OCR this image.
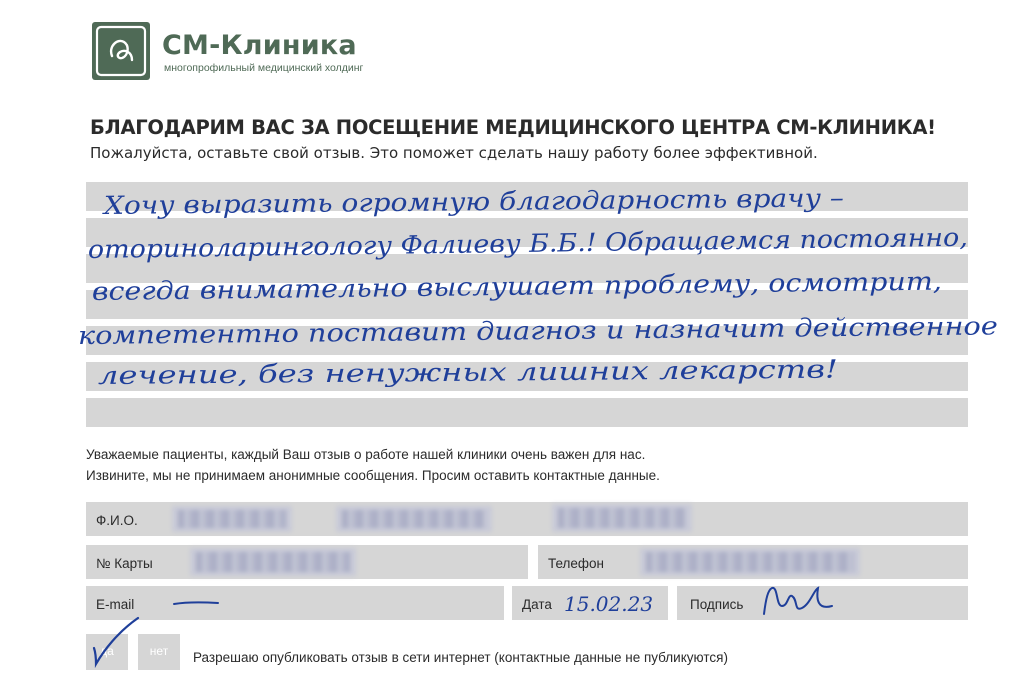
СМ-Клиника
многопрофильный медицинский холдинг
БЛАГОДАРИМ ВАС ЗА ПОСЕЩЕНИЕ МЕДИЦИНСКОГО ЦЕНТРА СМ-КЛИНИКА!
Пожалуйста, оставьте свой отзыв. Это поможет сделать нашу работу более эффективной.
Хочу выразить огромную благодарность врачу –
оториноларингологу Фалиеву Б.Б.! Обращаемся постоянно,
всегда внимательно выслушает проблему, осмотрит,
компетентно поставит диагноз и назначит действенное
лечение, без ненужных лишних лекарств!
Уважаемые пациенты, каждый Ваш отзыв о работе нашей клиники очень важен для нас.
Извините, мы не принимаем анонимные сообщения. Просим оставить контактные данные.
Ф.И.О.
№ Карты	Телефон
E-mail	Дата 15.02.23	Подпись
да	нет	Разрешаю опубликовать отзыв в сети интернет (контактные данные не публикуются)
